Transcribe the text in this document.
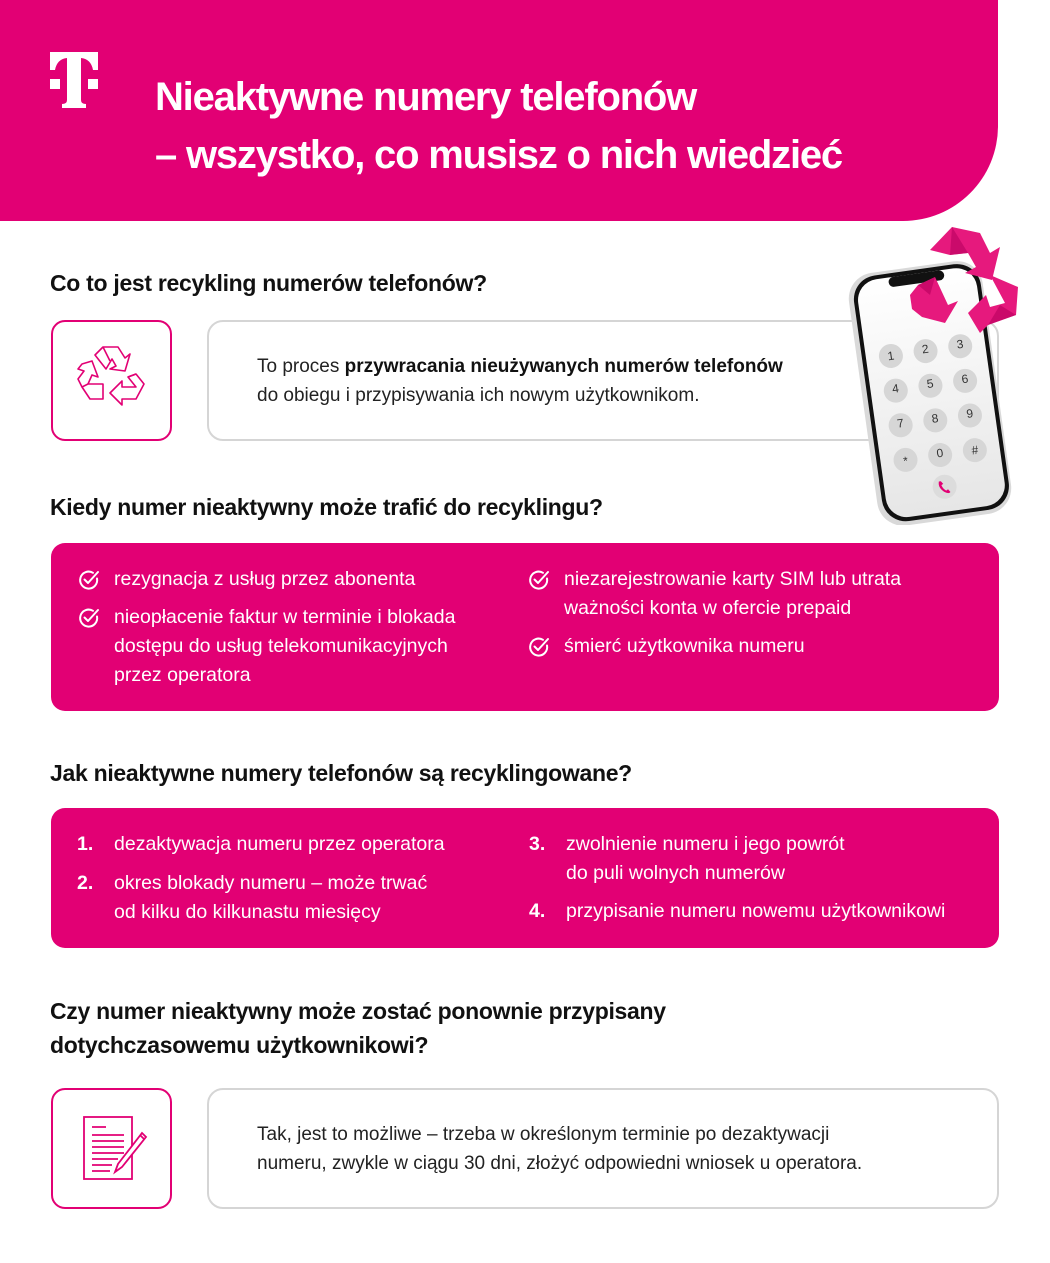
Nieaktywne numery telefonów
– wszystko, co musisz o nich wiedzieć
Co to jest recykling numerów telefonów?

To proces przywracania nieużywanych numerów telefonów

do obiegu i przypisywania ich nowym użytkownikom.

1 2 3
4 5 6
7 8 9
*
0 #
Kiedy numer nieaktywny może trafić do recyklingu?
rezygnacja z usług przez abonenta
nieopłacenie faktur w terminie i blokada
dostępu do usług telekomunikacyjnych
przez operatora
niezarejestrowanie karty SIM lub utrata
ważności konta w ofercie prepaid
śmierć użytkownika numeru
Jak nieaktywne numery telefonów są recyklingowane?
1.	dezaktywacja numeru przez operatora
2.	okres blokady numeru – może trwać
od kilku do kilkunastu miesięcy
3.	zwolnienie numeru i jego powrót
do puli wolnych numerów
4.	przypisanie numeru nowemu użytkownikowi
Czy numer nieaktywny może zostać ponownie przypisany
dotychczasowemu użytkownikowi?

Tak, jest to możliwe – trzeba w określonym terminie po dezaktywacji

numeru, zwykle w ciągu 30 dni, złożyć odpowiedni wniosek u operatora.
